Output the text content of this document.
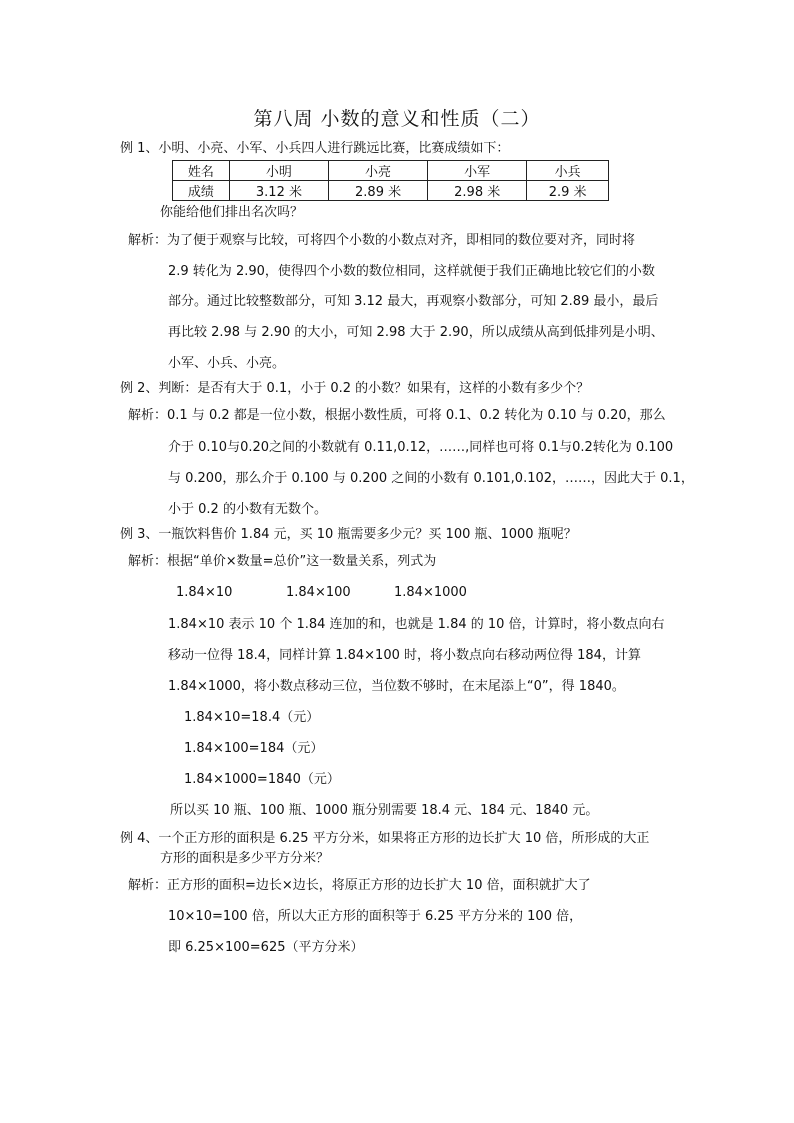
第八周 小数的意义和性质（二）
例 1、小明、小亮、小军、小兵四人进行跳远比赛，比赛成绩如下：
姓名	小明	小亮	小军	小兵
成绩	3.12 米	2.89 米	2.98 米	2.9 米
你能给他们排出名次吗？
解析：为了便于观察与比较，可将四个小数的小数点对齐，即相同的数位要对齐，同时将
2.9 转化为 2.90，使得四个小数的数位相同，这样就便于我们正确地比较它们的小数
部分。通过比较整数部分，可知 3.12 最大，再观察小数部分，可知 2.89 最小，最后
再比较 2.98 与 2.90 的大小，可知 2.98 大于 2.90，所以成绩从高到低排列是小明、
小军、小兵、小亮。
例 2、判断：是否有大于 0.1，小于 0.2 的小数？如果有，这样的小数有多少个？
解析：0.1 与 0.2 都是一位小数，根据小数性质，可将 0.1、0.2 转化为 0.10 与 0.20，那么
介于 0.10与0.20之间的小数就有 0.11,0.12，……,同样也可将 0.1与0.2转化为 0.100
与 0.200，那么介于 0.100 与 0.200 之间的小数有 0.101,0.102，……，因此大于 0.1，
小于 0.2 的小数有无数个。
例 3、一瓶饮料售价 1.84 元，买 10 瓶需要多少元？买 100 瓶、1000 瓶呢？
解析：根据“单价×数量=总价”这一数量关系，列式为
1.84×10	1.84×100	1.84×1000
1.84×10 表示 10 个 1.84 连加的和，也就是 1.84 的 10 倍，计算时，将小数点向右
移动一位得 18.4，同样计算 1.84×100 时，将小数点向右移动两位得 184，计算
1.84×1000，将小数点移动三位，当位数不够时，在末尾添上“0”，得 1840。
1.84×10=18.4（元）
1.84×100=184（元）
1.84×1000=1840（元）
所以买 10 瓶、100 瓶、1000 瓶分别需要 18.4 元、184 元、1840 元。
例 4、一个正方形的面积是 6.25 平方分米，如果将正方形的边长扩大 10 倍，所形成的大正
方形的面积是多少平方分米？
解析：正方形的面积=边长×边长，将原正方形的边长扩大 10 倍，面积就扩大了
10×10=100 倍，所以大正方形的面积等于 6.25 平方分米的 100 倍，
即 6.25×100=625（平方分米）
